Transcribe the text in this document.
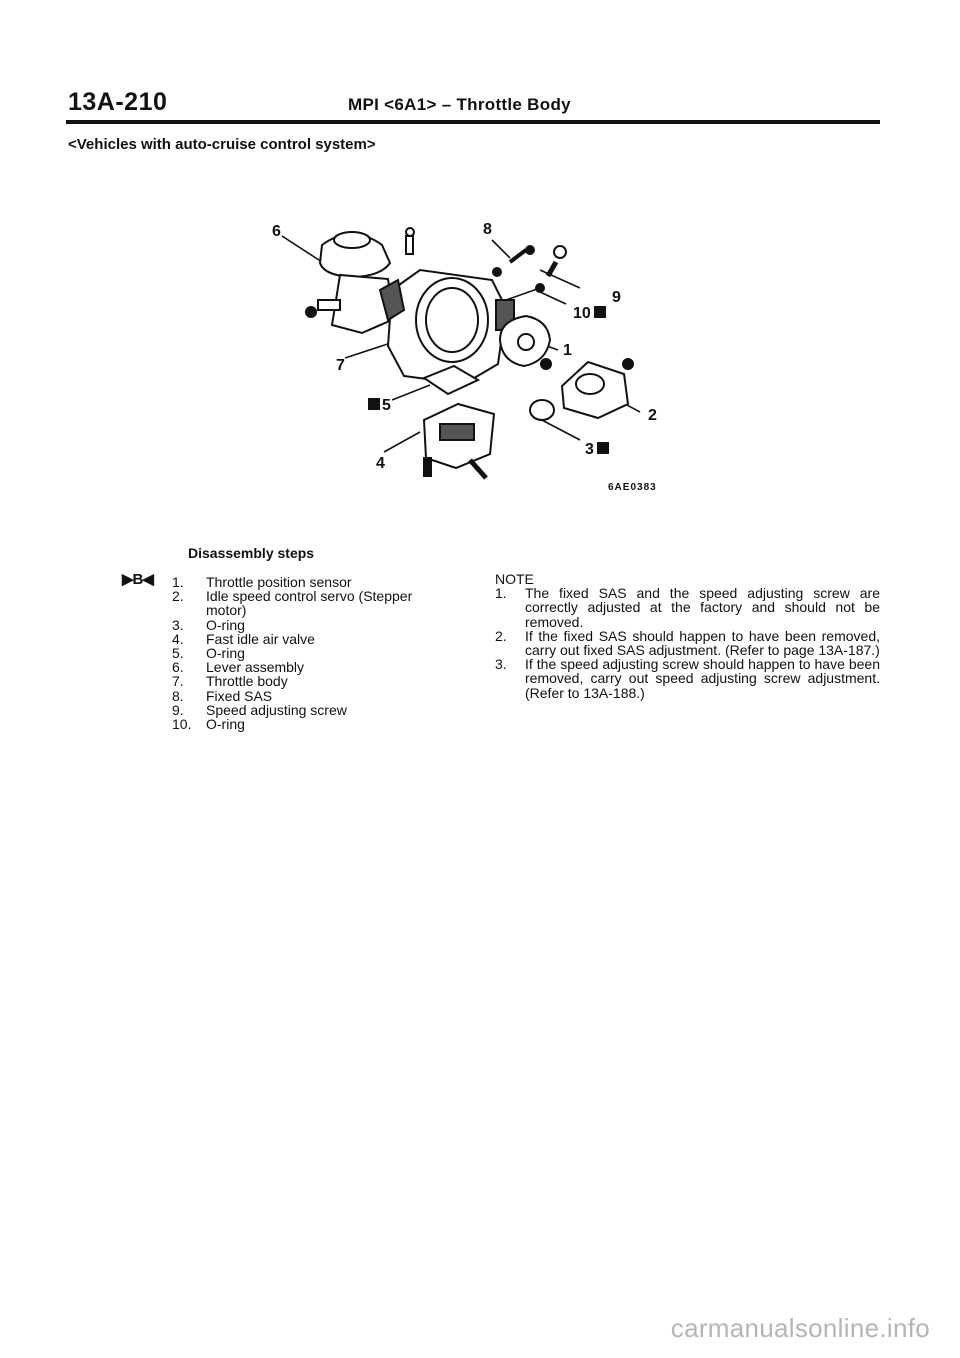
13A-210	MPI <6A1> – Throttle Body
<Vehicles with auto-cruise control system>
6	8
9
10
1
7
5
2
3
4
6AE0383
Disassembly steps
▶B◀ 1.	Throttle position sensor
2.	Idle speed control servo (Stepper motor)
3.	O-ring
4.	Fast idle air valve
5.	O-ring
6.	Lever assembly
7.	Throttle body
8.	Fixed SAS
9.	Speed adjusting screw
10.	O-ring

NOTE

1.	The fixed SAS and the speed adjusting screw are correctly adjusted at the factory and should not be removed.
2.	If the fixed SAS should happen to have been removed, carry out fixed SAS adjustment. (Refer to page 13A-187.)
3.	If the speed adjusting screw should happen to have been removed, carry out speed adjusting screw adjustment. (Refer to 13A-188.)
carmanualsonline.info
